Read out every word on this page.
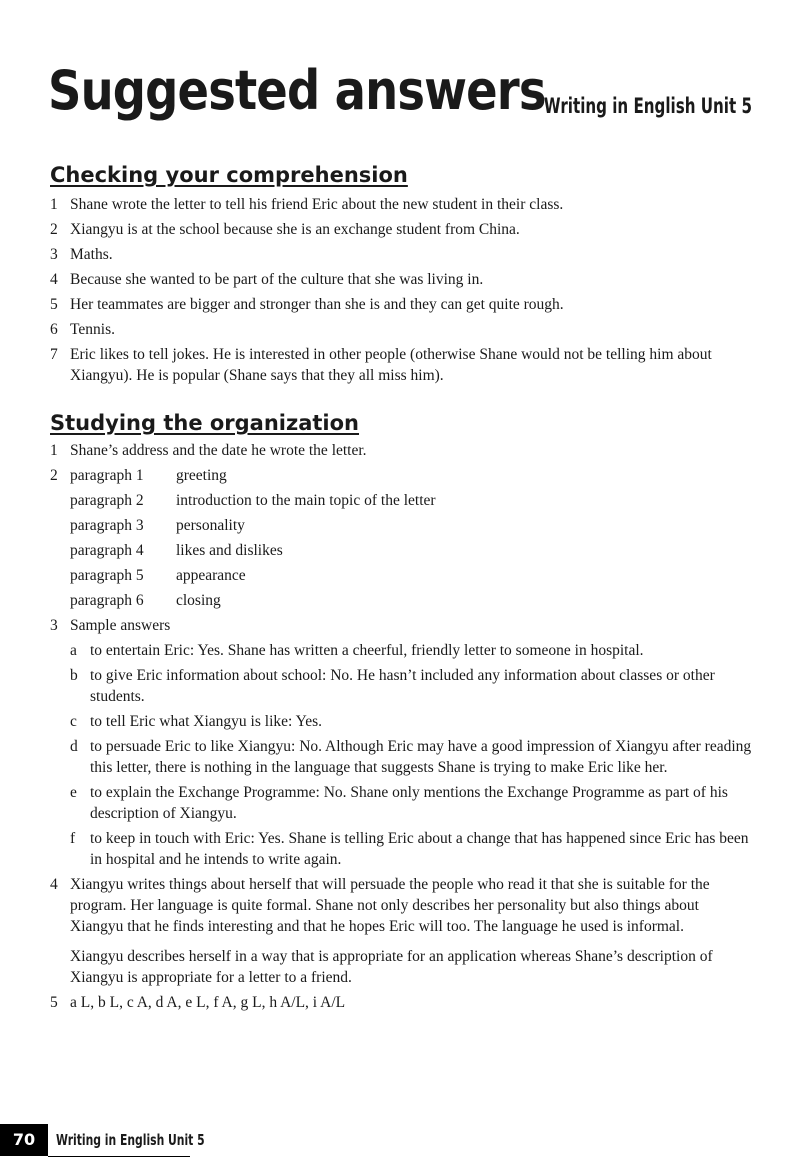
Suggested answers
Writing in English Unit 5
Checking your comprehension
1 Shane wrote the letter to tell his friend Eric about the new student in their class.
2 Xiangyu is at the school because she is an exchange student from China.
3 Maths.
4 Because she wanted to be part of the culture that she was living in.
5 Her teammates are bigger and stronger than she is and they can get quite rough.
6 Tennis.
7 Eric likes to tell jokes. He is interested in other people (otherwise Shane would not be telling him about Xiangyu). He is popular (Shane says that they all miss him).
Studying the organization
1 Shane’s address and the date he wrote the letter.
2 paragraph 1	greeting
paragraph 2	introduction to the main topic of the letter
paragraph 3	personality
paragraph 4	likes and dislikes
paragraph 5	appearance
paragraph 6	closing
3 Sample answers
a to entertain Eric: Yes. Shane has written a cheerful, friendly letter to someone in hospital.
b to give Eric information about school: No. He hasn’t included any information about classes or other students.
c to tell Eric what Xiangyu is like: Yes.
d to persuade Eric to like Xiangyu: No. Although Eric may have a good impression of Xiangyu after reading this letter, there is nothing in the language that suggests Shane is trying to make Eric like her.
e to explain the Exchange Programme: No. Shane only mentions the Exchange Programme as part of his description of Xiangyu.
f to keep in touch with Eric: Yes. Shane is telling Eric about a change that has happened since Eric has been in hospital and he intends to write again.
4 Xiangyu writes things about herself that will persuade the people who read it that she is suitable for the program. Her language is quite formal. Shane not only describes her personality but also things about Xiangyu that he finds interesting and that he hopes Eric will too. The language he used is informal.
Xiangyu describes herself in a way that is appropriate for an application whereas Shane’s description of Xiangyu is appropriate for a letter to a friend.
5 a L, b L, c A, d A, e L, f A, g L, h A/L, i A/L
70	Writing in English Unit 5
